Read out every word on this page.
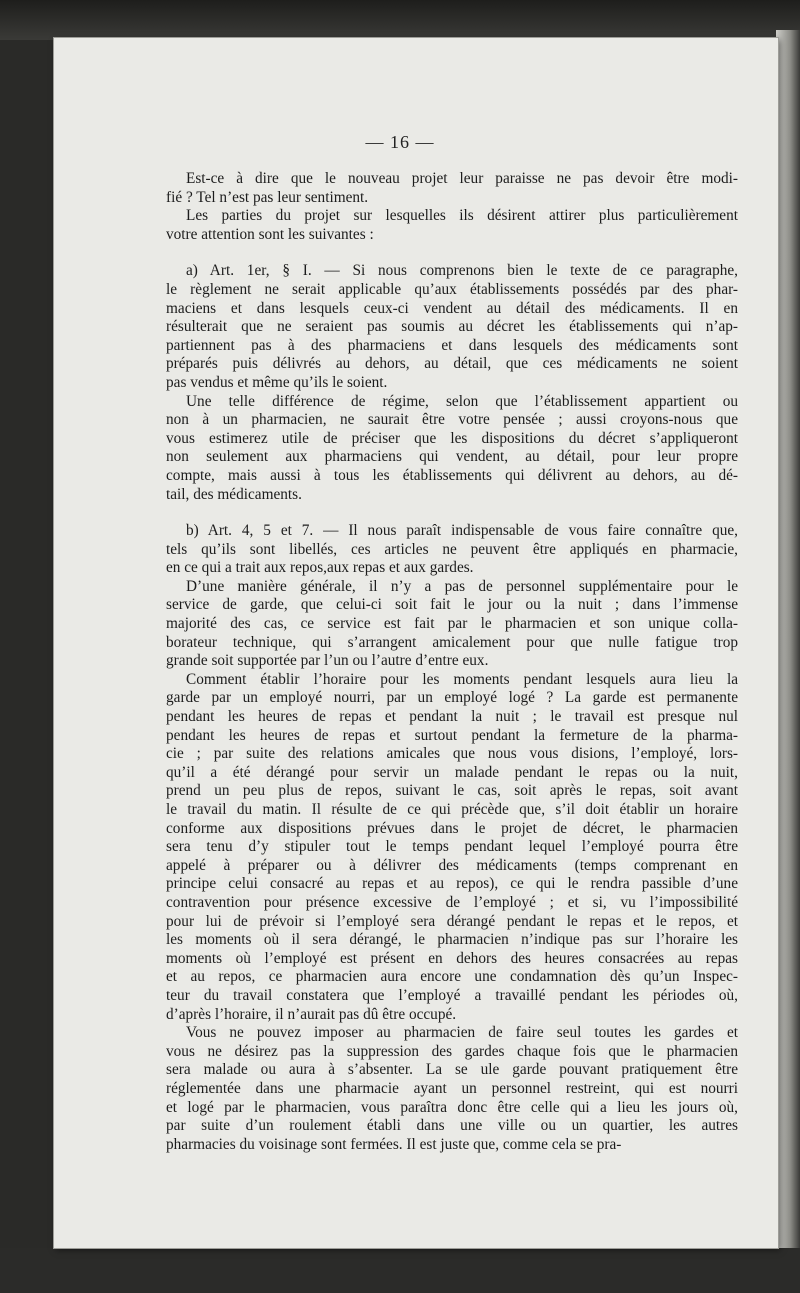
— 16 —
Est-ce à dire que le nouveau projet leur paraisse ne pas devoir être modi-
fié ? Tel n’est pas leur sentiment.
Les parties du projet sur lesquelles ils désirent attirer plus particulièrement
votre attention sont les suivantes :
a) Art. 1er, § I. — Si nous comprenons bien le texte de ce paragraphe,
le règlement ne serait applicable qu’aux établissements possédés par des phar-
maciens et dans lesquels ceux-ci vendent au détail des médicaments. Il en
résulterait que ne seraient pas soumis au décret les établissements qui n’ap-
partiennent pas à des pharmaciens et dans lesquels des médicaments sont
préparés puis délivrés au dehors, au détail, que ces médicaments ne soient
pas vendus et même qu’ils le soient.
Une telle différence de régime, selon que l’établissement appartient ou
non à un pharmacien, ne saurait être votre pensée ; aussi croyons-nous que
vous estimerez utile de préciser que les dispositions du décret s’appliqueront
non seulement aux pharmaciens qui vendent, au détail, pour leur propre
compte, mais aussi à tous les établissements qui délivrent au dehors, au dé-
tail, des médicaments.
b) Art. 4, 5 et 7. — Il nous paraît indispensable de vous faire connaître que,
tels qu’ils sont libellés, ces articles ne peuvent être appliqués en pharmacie,
en ce qui a trait aux repos,aux repas et aux gardes.
D’une manière générale, il n’y a pas de personnel supplémentaire pour le
service de garde, que celui-ci soit fait le jour ou la nuit ; dans l’immense
majorité des cas, ce service est fait par le pharmacien et son unique colla-
borateur technique, qui s’arrangent amicalement pour que nulle fatigue trop
grande soit supportée par l’un ou l’autre d’entre eux.
Comment établir l’horaire pour les moments pendant lesquels aura lieu la
garde par un employé nourri, par un employé logé ? La garde est permanente
pendant les heures de repas et pendant la nuit ; le travail est presque nul
pendant les heures de repas et surtout pendant la fermeture de la pharma-
cie ; par suite des relations amicales que nous vous disions, l’employé, lors-
qu’il a été dérangé pour servir un malade pendant le repas ou la nuit,
prend un peu plus de repos, suivant le cas, soit après le repas, soit avant
le travail du matin. Il résulte de ce qui précède que, s’il doit établir un horaire
conforme aux dispositions prévues dans le projet de décret, le pharmacien
sera tenu d’y stipuler tout le temps pendant lequel l’employé pourra être
appelé à préparer ou à délivrer des médicaments (temps comprenant en
principe celui consacré au repas et au repos), ce qui le rendra passible d’une
contravention pour présence excessive de l’employé ; et si, vu l’impossibilité
pour lui de prévoir si l’employé sera dérangé pendant le repas et le repos, et
les moments où il sera dérangé, le pharmacien n’indique pas sur l’horaire les
moments où l’employé est présent en dehors des heures consacrées au repas
et au repos, ce pharmacien aura encore une condamnation dès qu’un Inspec-
teur du travail constatera que l’employé a travaillé pendant les périodes où,
d’après l’horaire, il n’aurait pas dû être occupé.
Vous ne pouvez imposer au pharmacien de faire seul toutes les gardes et
vous ne désirez pas la suppression des gardes chaque fois que le pharmacien
sera malade ou aura à s’absenter. La se ule garde pouvant pratiquement être
réglementée dans une pharmacie ayant un personnel restreint, qui est nourri
et logé par le pharmacien, vous paraîtra donc être celle qui a lieu les jours où,
par suite d’un roulement établi dans une ville ou un quartier, les autres
pharmacies du voisinage sont fermées. Il est juste que, comme cela se pra-
